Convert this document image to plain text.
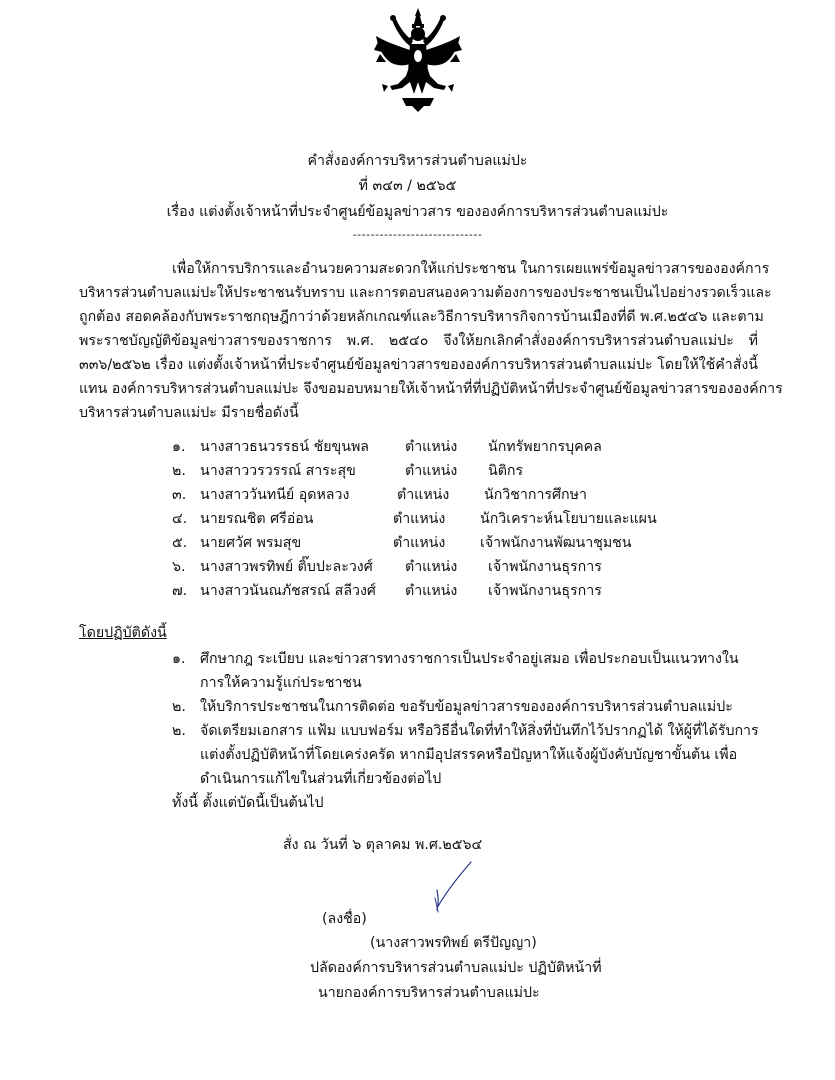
คำสั่งองค์การบริหารส่วนตำบลแม่ปะ
ที่ ๓๔๓ / ๒๕๖๕
เรื่อง แต่งตั้งเจ้าหน้าที่ประจำศูนย์ข้อมูลข่าวสาร ขององค์การบริหารส่วนตำบลแม่ปะ
-----------------------------
เพื่อให้การบริการและอำนวยความสะดวกให้แก่ประชาชน ในการเผยแพร่ข้อมูลข่าวสารขององค์การ
บริหารส่วนตำบลแม่ปะให้ประชาชนรับทราบ และการตอบสนองความต้องการของประชาชนเป็นไปอย่างรวดเร็วและ
ถูกต้อง สอดคล้องกับพระราชกฤษฎีกาว่าด้วยหลักเกณฑ์และวิธีการบริหารกิจการบ้านเมืองที่ดี พ.ศ.๒๕๔๖ และตาม
พระราชบัญญัติข้อมูลข่าวสารของราชการ พ.ศ. ๒๕๔๐ จึงให้ยกเลิกคำสั่งองค์การบริหารส่วนตำบลแม่ปะ ที่
๓๓๖/๒๕๖๒ เรื่อง แต่งตั้งเจ้าหน้าที่ประจำศูนย์ข้อมูลข่าวสารขององค์การบริหารส่วนตำบลแม่ปะ โดยให้ใช้คำสั่งนี้
แทน องค์การบริหารส่วนตำบลแม่ปะ จึงขอมอบหมายให้เจ้าหน้าที่ที่ปฏิบัติหน้าที่ประจำศูนย์ข้อมูลข่าวสารขององค์การ
บริหารส่วนตำบลแม่ปะ มีรายชื่อดังนี้
๑. นางสาวธนวรรธน์ ชัยขุนพล	ตำแหน่ง นักทรัพยากรบุคคล
๒. นางสาววรวรรณ์ สาระสุข	ตำแหน่ง นิติกร
๓. นางสาววันทนีย์ อุดหลวง	ตำแหน่ง นักวิชาการศึกษา
๔. นายรณชิต ศรีอ่อน	ตำแหน่ง นักวิเคราะห์นโยบายและแผน
๕. นายศวัศ พรมสุข	ตำแหน่ง เจ้าพนักงานพัฒนาชุมชน
๖. นางสาวพรทิพย์ ติ๊บปะละวงศ์ ตำแหน่ง เจ้าพนักงานธุรการ
๗. นางสาวนันณภัชสรณ์ สลีวงศ์ ตำแหน่ง เจ้าพนักงานธุรการ
โดยปฏิบัติดังนี้
๑. ศึกษากฎ ระเบียบ และข่าวสารทางราชการเป็นประจำอยู่เสมอ เพื่อประกอบเป็นแนวทางใน
การให้ความรู้แก่ประชาชน
๒. ให้บริการประชาชนในการติดต่อ ขอรับข้อมูลข่าวสารขององค์การบริหารส่วนตำบลแม่ปะ
๒. จัดเตรียมเอกสาร แฟ้ม แบบฟอร์ม หรือวิธีอื่นใดที่ทำให้สิ่งที่บันทึกไว้ปรากฏได้ ให้ผู้ที่ได้รับการ
แต่งตั้งปฏิบัติหน้าที่โดยเคร่งครัด หากมีอุปสรรคหรือปัญหาให้แจ้งผู้บังคับบัญชาขั้นต้น เพื่อ
ดำเนินการแก้ไขในส่วนที่เกี่ยวข้องต่อไป
ทั้งนี้ ตั้งแต่บัดนี้เป็นต้นไป
สั่ง ณ วันที่ ๖ ตุลาคม พ.ศ.๒๕๖๔
(ลงชื่อ)
(นางสาวพรทิพย์ ตรีปัญญา)
ปลัดองค์การบริหารส่วนตำบลแม่ปะ ปฏิบัติหน้าที่
นายกองค์การบริหารส่วนตำบลแม่ปะ
